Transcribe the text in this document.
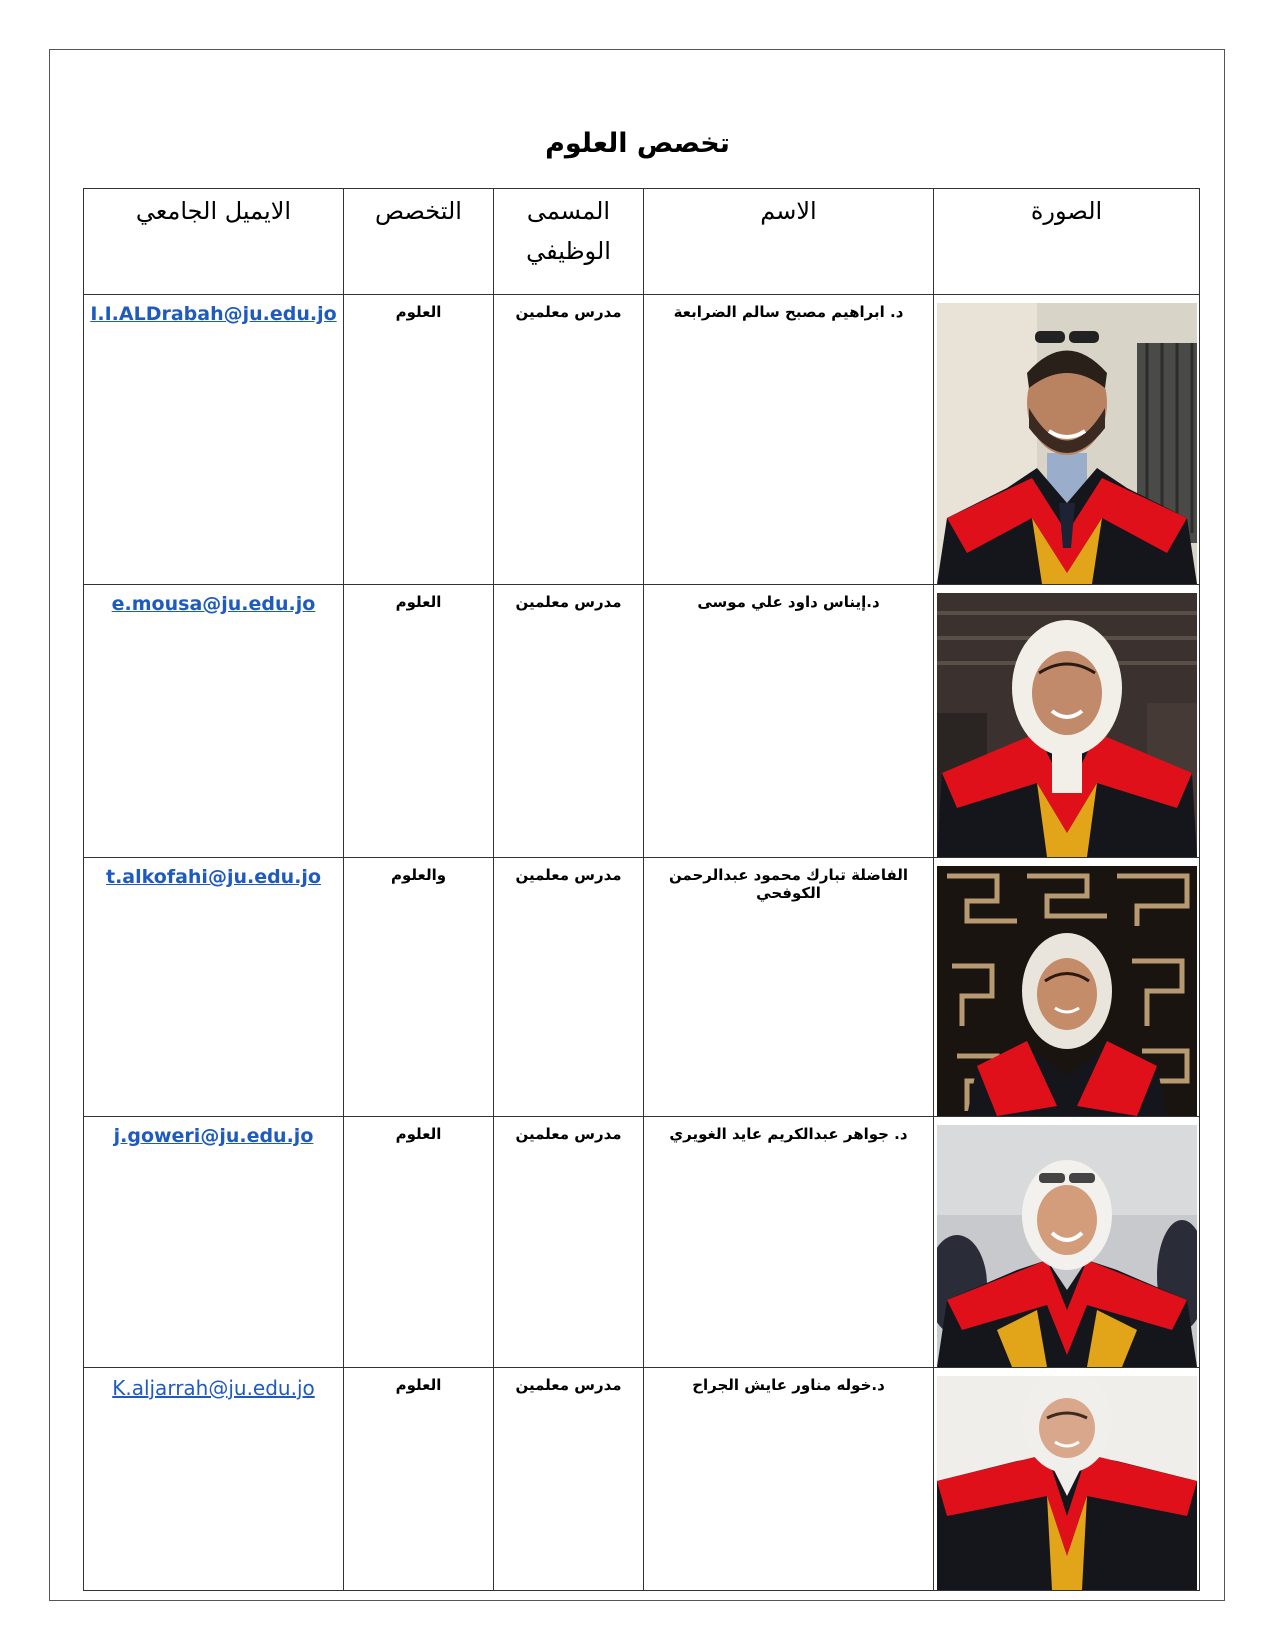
تخصص العلوم
الايميل الجامعي	التخصص	المسمى الوظيفي	الاسم	الصورة
I.I.ALDrabah@ju.edu.jo	العلوم	مدرس معلمين	د. ابراهيم مصبح سالم الضرابعة	

e.mousa@ju.edu.jo	العلوم	مدرس معلمين	د.إيناس داود علي موسى	

t.alkofahi@ju.edu.jo	والعلوم	مدرس معلمين	الفاضلة تبارك محمود عبدالرحمن الكوفحي	

j.goweri@ju.edu.jo	العلوم	مدرس معلمين	د. جواهر عبدالكريم عايد الغويري	

K.aljarrah@ju.edu.jo	العلوم	مدرس معلمين	د.خوله مناور عايش الجراح	
